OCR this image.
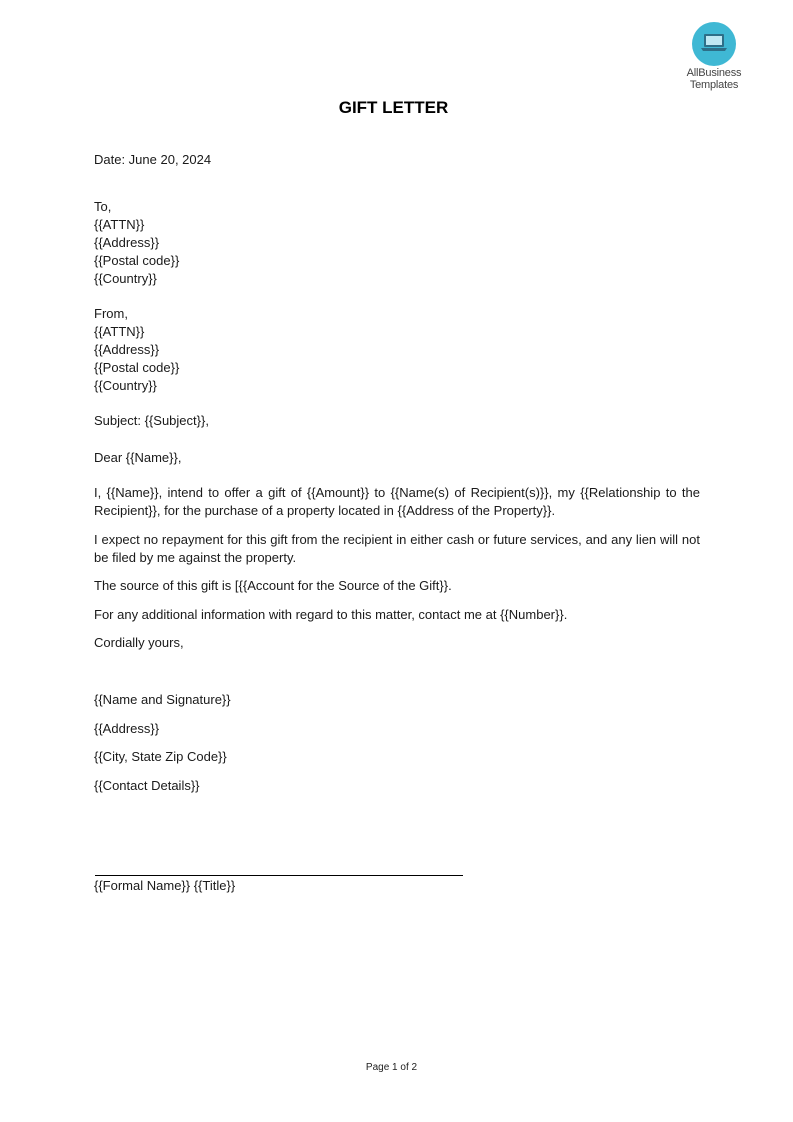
AllBusiness
Templates
GIFT LETTER

Date: June 20, 2024

To,

{{ATTN}}

{{Address}}

{{Postal code}}

{{Country}}

From,

{{ATTN}}

{{Address}}

{{Postal code}}

{{Country}}

Subject: {{Subject}},

Dear {{Name}},

I, {{Name}}, intend to offer a gift of {{Amount}} to {{Name(s) of Recipient(s)}}, my {{Relationship to the Recipient}}, for the purchase of a property located in {{Address of the Property}}.

I expect no repayment for this gift from the recipient in either cash or future services, and any lien will not be filed by me against the property.

The source of this gift is [{{Account for the Source of the Gift}}.

For any additional information with regard to this matter, contact me at {{Number}}.

Cordially yours,

{{Name and Signature}}

{{Address}}

{{City, State Zip Code}}

{{Contact Details}}

{{Formal Name}} {{Title}}

Page 1 of 2
